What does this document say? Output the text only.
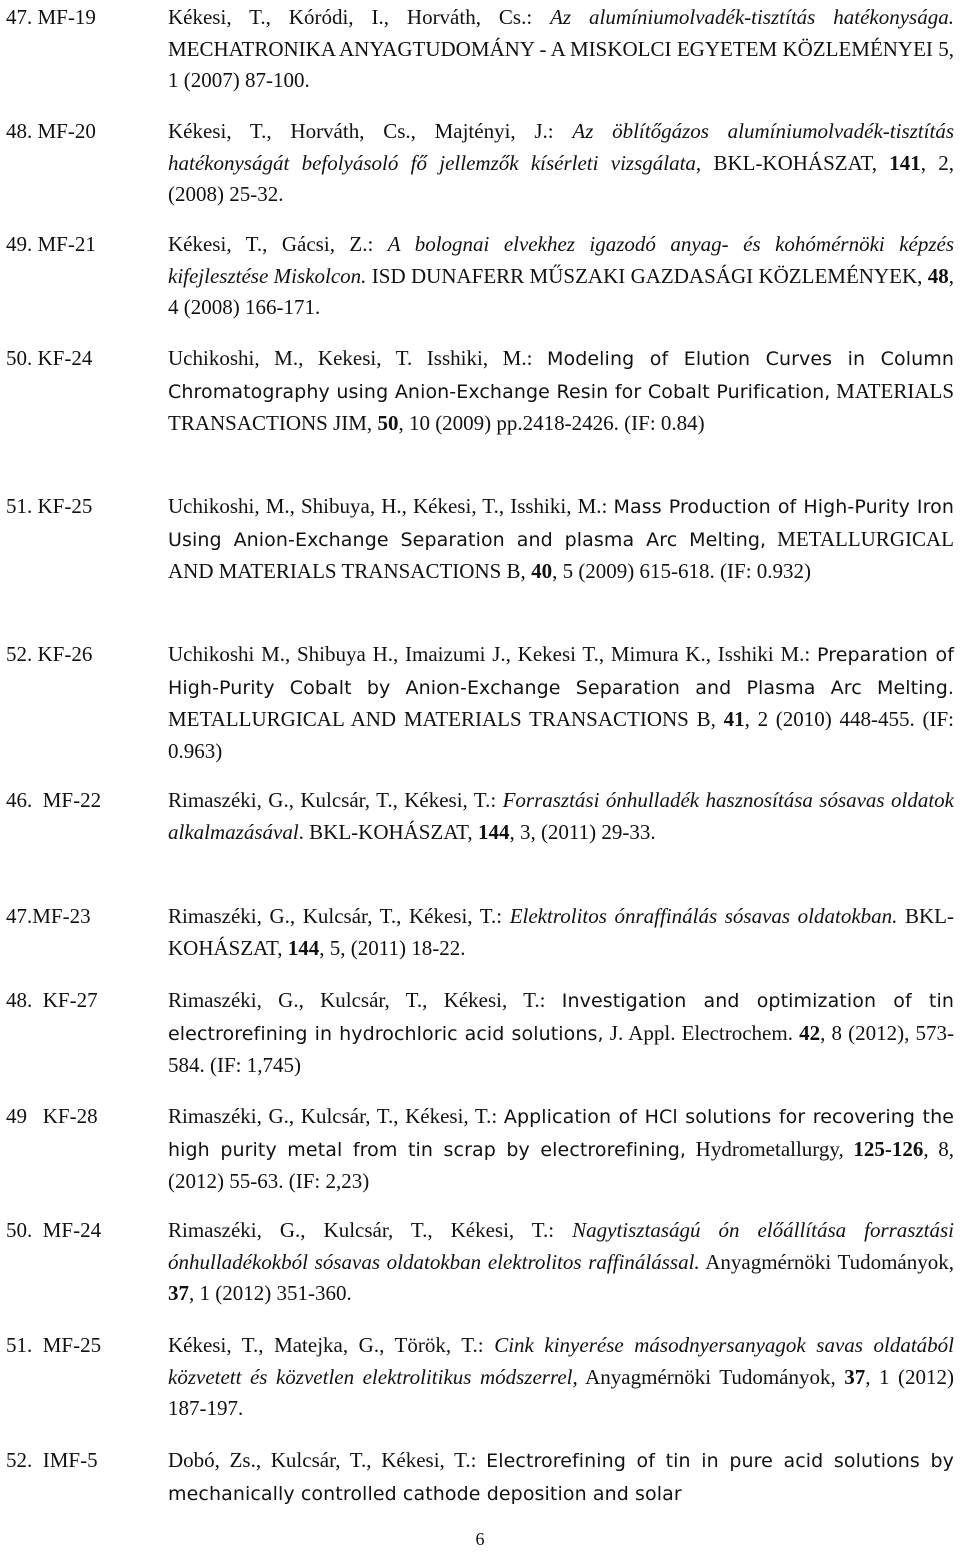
47. MF-19	Kékesi, T., Kóródi, I., Horváth, Cs.: Az alumíniumolvadék-tisztítás hatékonysága. MECHATRONIKA ANYAGTUDOMÁNY - A MISKOLCI EGYETEM KÖZLEMÉNYEI 5, 1 (2007) 87-100.
48. MF-20	Kékesi, T., Horváth, Cs., Majtényi, J.: Az öblítőgázos alumíniumolvadék-tisztítás hatékonyságát befolyásoló fő jellemzők kísérleti vizsgálata, BKL-KOHÁSZAT, 141, 2, (2008) 25-32.
49. MF-21	Kékesi, T., Gácsi, Z.: A bolognai elvekhez igazodó anyag- és kohómérnöki képzés kifejlesztése Miskolcon. ISD DUNAFERR MŰSZAKI GAZDASÁGI KÖZLEMÉNYEK, 48, 4 (2008) 166-171.
50. KF-24	Uchikoshi, M., Kekesi, T. Isshiki, M.: Modeling of Elution Curves in Column Chromatography using Anion-Exchange Resin for Cobalt Purification, MATERIALS TRANSACTIONS JIM, 50, 10 (2009) pp.2418-2426. (IF: 0.84)
51. KF-25	Uchikoshi, M., Shibuya, H., Kékesi, T., Isshiki, M.: Mass Production of High-Purity Iron Using Anion-Exchange Separation and plasma Arc Melting, METALLURGICAL AND MATERIALS TRANSACTIONS B, 40, 5 (2009) 615-618. (IF: 0.932)
52. KF-26	Uchikoshi M., Shibuya H., Imaizumi J., Kekesi T., Mimura K., Isshiki M.: Preparation of High-Purity Cobalt by Anion-Exchange Separation and Plasma Arc Melting. METALLURGICAL AND MATERIALS TRANSACTIONS B, 41, 2 (2010) 448-455. (IF: 0.963)
46.  MF-22	Rimaszéki, G., Kulcsár, T., Kékesi, T.: Forrasztási ónhulladék hasznosítása sósavas oldatok alkalmazásával. BKL-KOHÁSZAT, 144, 3, (2011) 29-33.
47.MF-23	Rimaszéki, G., Kulcsár, T., Kékesi, T.: Elektrolitos ónraffinálás sósavas oldatokban. BKL-KOHÁSZAT, 144, 5, (2011) 18-22.
48.  KF-27	Rimaszéki, G., Kulcsár, T., Kékesi, T.: Investigation and optimization of tin electrorefining in hydrochloric acid solutions, J. Appl. Electrochem. 42, 8 (2012), 573-584. (IF: 1,745)
49   KF-28	Rimaszéki, G., Kulcsár, T., Kékesi, T.: Application of HCl solutions for recovering the high purity metal from tin scrap by electrorefining, Hydrometallurgy, 125-126, 8, (2012) 55-63. (IF: 2,23)
50.  MF-24	Rimaszéki, G., Kulcsár, T., Kékesi, T.: Nagytisztaságú ón előállítása forrasztási ónhulladékokból sósavas oldatokban elektrolitos raffinálással. Anyagmérnöki Tudományok, 37, 1 (2012) 351-360.
51.  MF-25	Kékesi, T., Matejka, G., Török, T.: Cink kinyerése másodnyersanyagok savas oldatából közvetett és közvetlen elektrolitikus módszerrel, Anyagmérnöki Tudományok, 37, 1 (2012) 187-197.
52.  IMF-5	Dobó, Zs., Kulcsár, T., Kékesi, T.: Electrorefining of tin in pure acid solutions by mechanically controlled cathode deposition and solar
6
